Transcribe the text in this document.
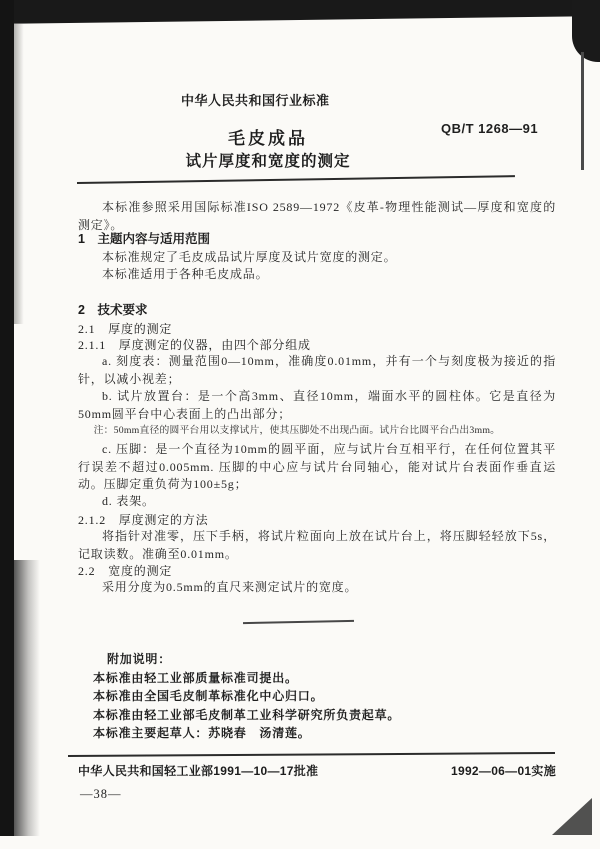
中华人民共和国行业标准
毛皮成品
试片厚度和宽度的测定
QB/T 1268—91
本标准参照采用国际标准ISO 2589—1972《皮革-物理性能测试—厚度和宽度的测定》。
1　主题内容与适用范围
本标准规定了毛皮成品试片厚度及试片宽度的测定。
本标准适用于各种毛皮成品。
2　技术要求
2.1　厚度的测定
2.1.1　厚度测定的仪器，由四个部分组成
a. 刻度表：测量范围0—10mm，准确度0.01mm，并有一个与刻度极为接近的指针，以减小视差；
b. 试片放置台：是一个高3mm、直径10mm，端面水平的圆柱体。它是直径为50mm圆平台中心表面上的凸出部分；
注：50mm直径的圆平台用以支撑试片，使其压脚处不出现凸面。试片台比圆平台凸出3mm。
c. 压脚：是一个直径为10mm的圆平面，应与试片台互相平行，在任何位置其平行误差不超过0.005mm. 压脚的中心应与试片台同轴心，能对试片台表面作垂直运动。压脚定重负荷为100±5g；
d. 表架。
2.1.2　厚度测定的方法
将指针对准零，压下手柄，将试片粒面向上放在试片台上，将压脚轻轻放下5s，记取读数。准确至0.01mm。
2.2　宽度的测定
采用分度为0.5mm的直尺来测定试片的宽度。
附加说明：
本标准由轻工业部质量标准司提出。
本标准由全国毛皮制革标准化中心归口。
本标准由轻工业部毛皮制革工业科学研究所负责起草。
本标准主要起草人：苏晓春　汤清莲。
中华人民共和国轻工业部1991—10—17批准	1992—06—01实施
—38—
